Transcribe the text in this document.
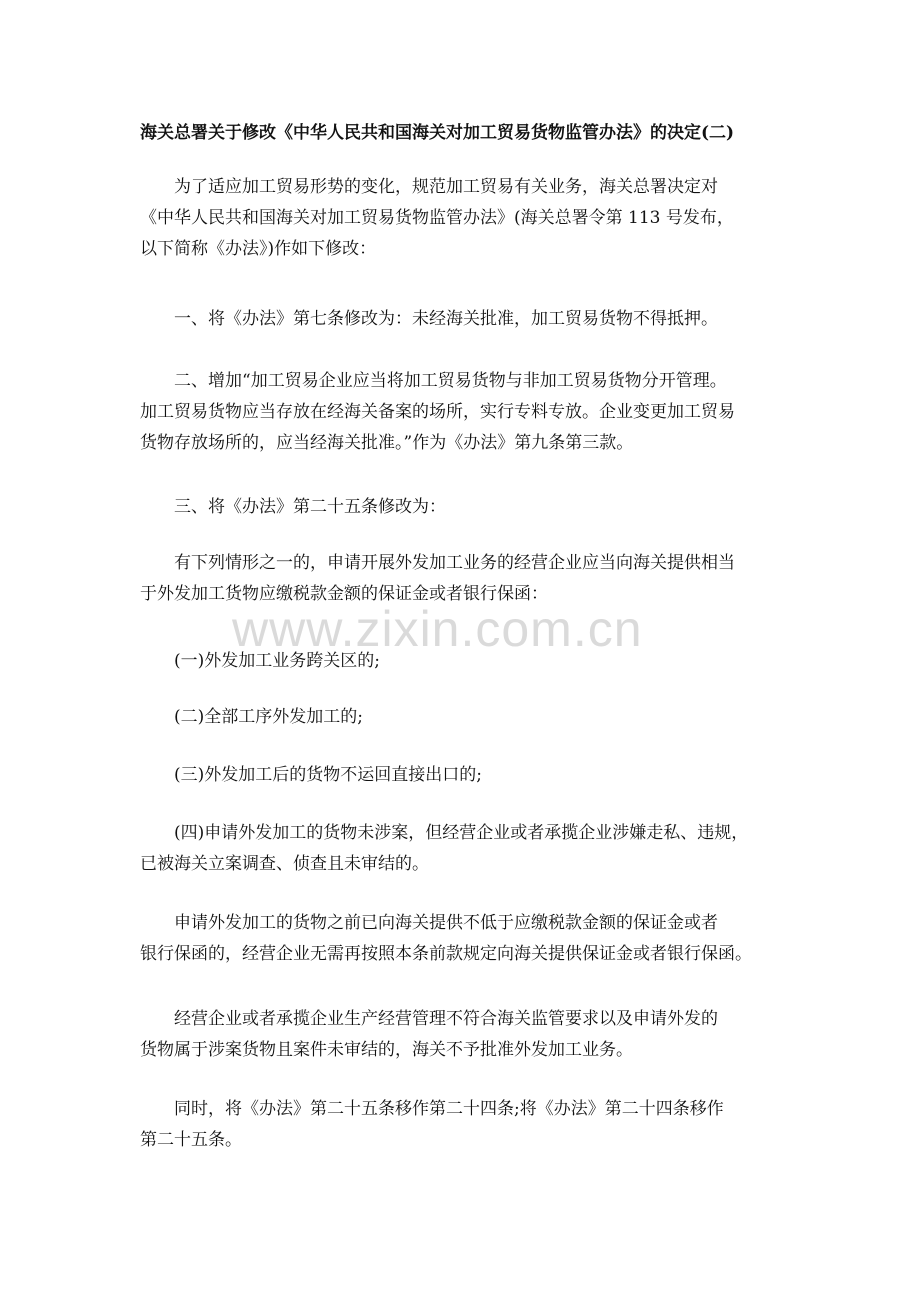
海关总署关于修改《中华人民共和国海关对加工贸易货物监管办法》的决定(二)
为了适应加工贸易形势的变化，规范加工贸易有关业务，海关总署决定对
《中华人民共和国海关对加工贸易货物监管办法》(海关总署令第 113 号发布，
以下简称《办法》)作如下修改：
一、将《办法》第七条修改为：未经海关批准，加工贸易货物不得抵押。
二、增加“加工贸易企业应当将加工贸易货物与非加工贸易货物分开管理。
加工贸易货物应当存放在经海关备案的场所，实行专料专放。企业变更加工贸易
货物存放场所的，应当经海关批准。”作为《办法》第九条第三款。
三、将《办法》第二十五条修改为：
有下列情形之一的，申请开展外发加工业务的经营企业应当向海关提供相当
于外发加工货物应缴税款金额的保证金或者银行保函：
(一)外发加工业务跨关区的;
(二)全部工序外发加工的;
(三)外发加工后的货物不运回直接出口的;
(四)申请外发加工的货物未涉案，但经营企业或者承揽企业涉嫌走私、违规，
已被海关立案调查、侦查且未审结的。
申请外发加工的货物之前已向海关提供不低于应缴税款金额的保证金或者
银行保函的，经营企业无需再按照本条前款规定向海关提供保证金或者银行保函。
经营企业或者承揽企业生产经营管理不符合海关监管要求以及申请外发的
货物属于涉案货物且案件未审结的，海关不予批准外发加工业务。
同时，将《办法》第二十五条移作第二十四条;将《办法》第二十四条移作
第二十五条。
www.zixin.com.cn
